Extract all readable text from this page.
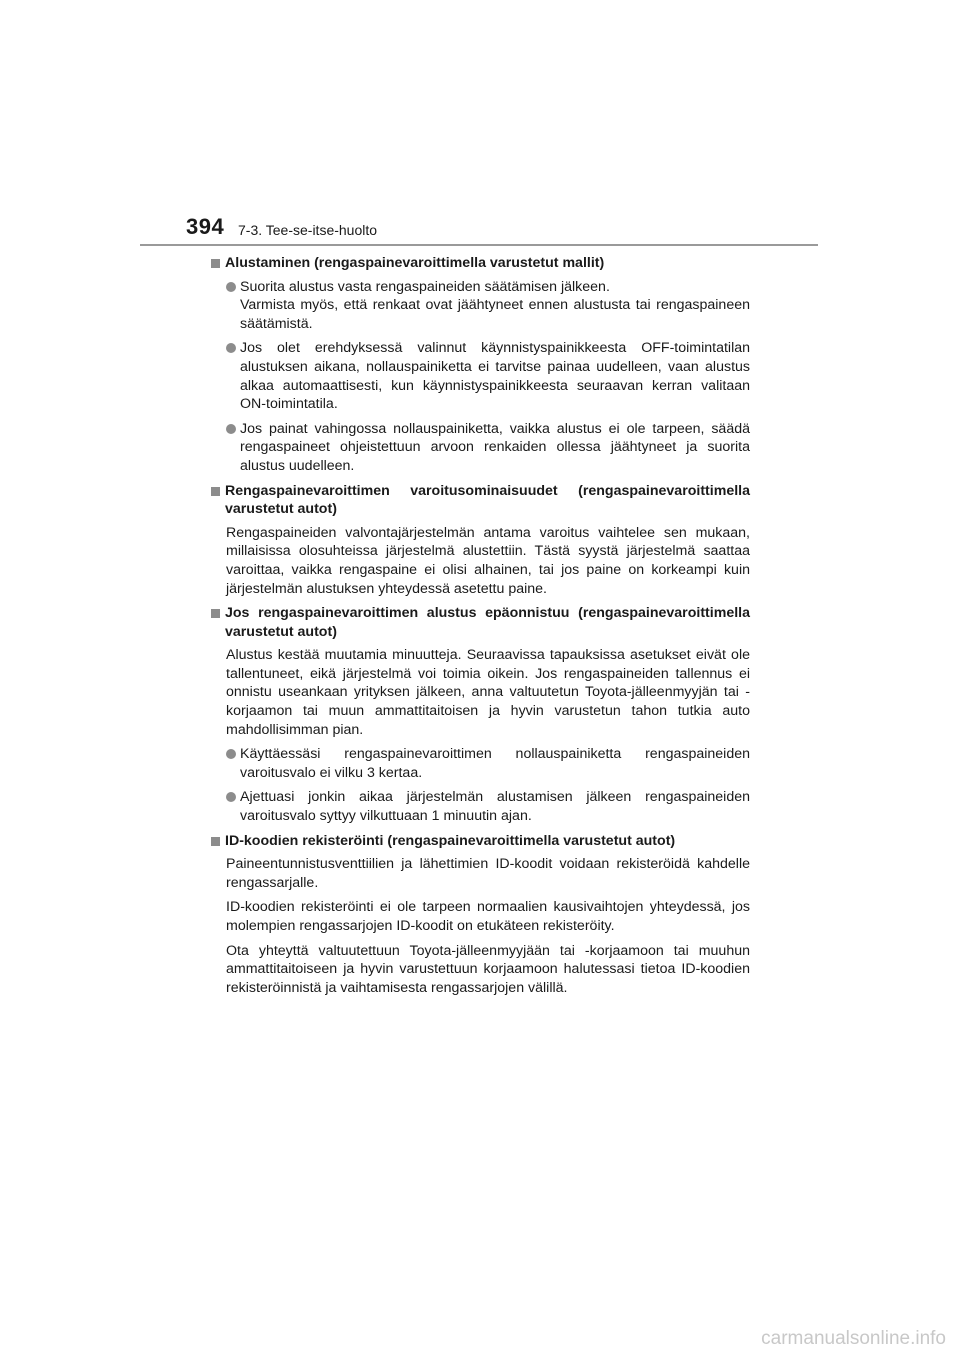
394 7-3. Tee-se-itse-huolto
Alustaminen (rengaspainevaroittimella varustetut mallit)
Suorita alustus vasta rengaspaineiden säätämisen jälkeen.
Varmista myös, että renkaat ovat jäähtyneet ennen alustusta tai rengaspaineen säätämistä.
Jos olet erehdyksessä valinnut käynnistyspainikkeesta OFF-toimintatilan alustuksen aikana, nollauspainiketta ei tarvitse painaa uudelleen, vaan alustus alkaa automaattisesti, kun käynnistyspainikkeesta seuraavan kerran valitaan ON-toimintatila.
Jos painat vahingossa nollauspainiketta, vaikka alustus ei ole tarpeen, säädä rengaspaineet ohjeistettuun arvoon renkaiden ollessa jäähtyneet ja suorita alustus uudelleen.
Rengaspainevaroittimen varoitusominaisuudet (rengaspainevaroittimella varustetut autot)
Rengaspaineiden valvontajärjestelmän antama varoitus vaihtelee sen mukaan, millaisissa olosuhteissa järjestelmä alustettiin. Tästä syystä järjestelmä saattaa varoittaa, vaikka rengaspaine ei olisi alhainen, tai jos paine on korkeampi kuin järjestelmän alustuksen yhteydessä asetettu paine.
Jos rengaspainevaroittimen alustus epäonnistuu (rengaspainevaroittimella varustetut autot)
Alustus kestää muutamia minuutteja. Seuraavissa tapauksissa asetukset eivät ole tallentuneet, eikä järjestelmä voi toimia oikein. Jos rengaspaineiden tallennus ei onnistu useankaan yrityksen jälkeen, anna valtuutetun Toyota-jälleenmyyjän tai -korjaamon tai muun ammattitaitoisen ja hyvin varustetun tahon tutkia auto mahdollisimman pian.
Käyttäessäsi rengaspainevaroittimen nollauspainiketta rengaspaineiden varoitusvalo ei vilku 3 kertaa.
Ajettuasi jonkin aikaa järjestelmän alustamisen jälkeen rengaspaineiden varoitusvalo syttyy vilkuttuaan 1 minuutin ajan.
ID-koodien rekisteröinti (rengaspainevaroittimella varustetut autot)
Paineentunnistusventtiilien ja lähettimien ID-koodit voidaan rekisteröidä kahdelle rengassarjalle.
ID-koodien rekisteröinti ei ole tarpeen normaalien kausivaihtojen yhteydessä, jos molempien rengassarjojen ID-koodit on etukäteen rekisteröity.
Ota yhteyttä valtuutettuun Toyota-jälleenmyyjään tai -korjaamoon tai muuhun ammattitaitoiseen ja hyvin varustettuun korjaamoon halutessasi tietoa ID-koodien rekisteröinnistä ja vaihtamisesta rengassarjojen välillä.
carmanualsonline.info
